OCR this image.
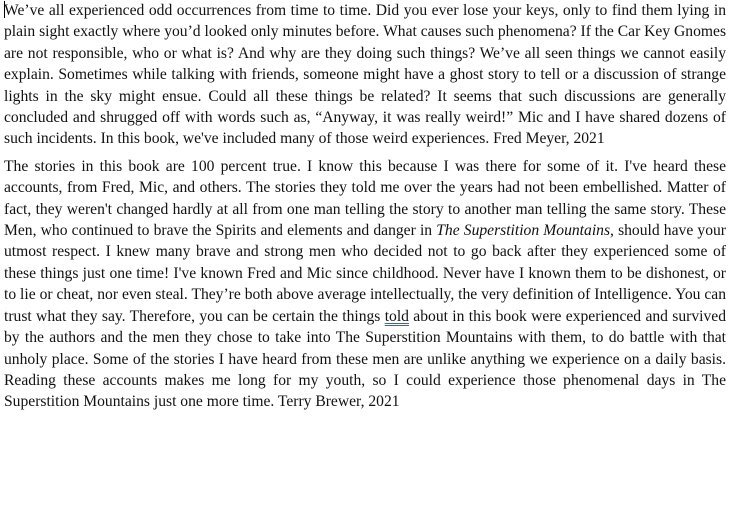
We’ve all experienced odd occurrences from time to time. Did you ever lose your keys, only to find them lying in plain sight exactly where you’d looked only minutes before. What causes such phenomena? If the Car Key Gnomes are not responsible, who or what is? And why are they doing such things? We’ve all seen things we cannot easily explain. Sometimes while talking with friends, someone might have a ghost story to tell or a discussion of strange lights in the sky might ensue. Could all these things be related? It seems that such discussions are generally concluded and shrugged off with words such as, “Anyway, it was really weird!” Mic and I have shared dozens of such incidents. In this book, we've included many of those weird experiences. Fred Meyer, 2021

The stories in this book are 100 percent true. I know this because I was there for some of it. I've heard these accounts, from Fred, Mic, and others. The stories they told me over the years had not been embellished. Matter of fact, they weren't changed hardly at all from one man telling the story to another man telling the same story. These Men, who continued to brave the Spirits and elements and danger in The Superstition Mountains, should have your utmost respect. I knew many brave and strong men who decided not to go back after they experienced some of these things just one time! I've known Fred and Mic since childhood. Never have I known them to be dishonest, or to lie or cheat, nor even steal. They’re both above average intellectually, the very definition of Intelligence. You can trust what they say. Therefore, you can be certain the things told about in this book were experienced and survived by the authors and the men they chose to take into The Superstition Mountains with them, to do battle with that unholy place. Some of the stories I have heard from these men are unlike anything we experience on a daily basis. Reading these accounts makes me long for my youth, so I could experience those phenomenal days in The Superstition Mountains just one more time. Terry Brewer, 2021
